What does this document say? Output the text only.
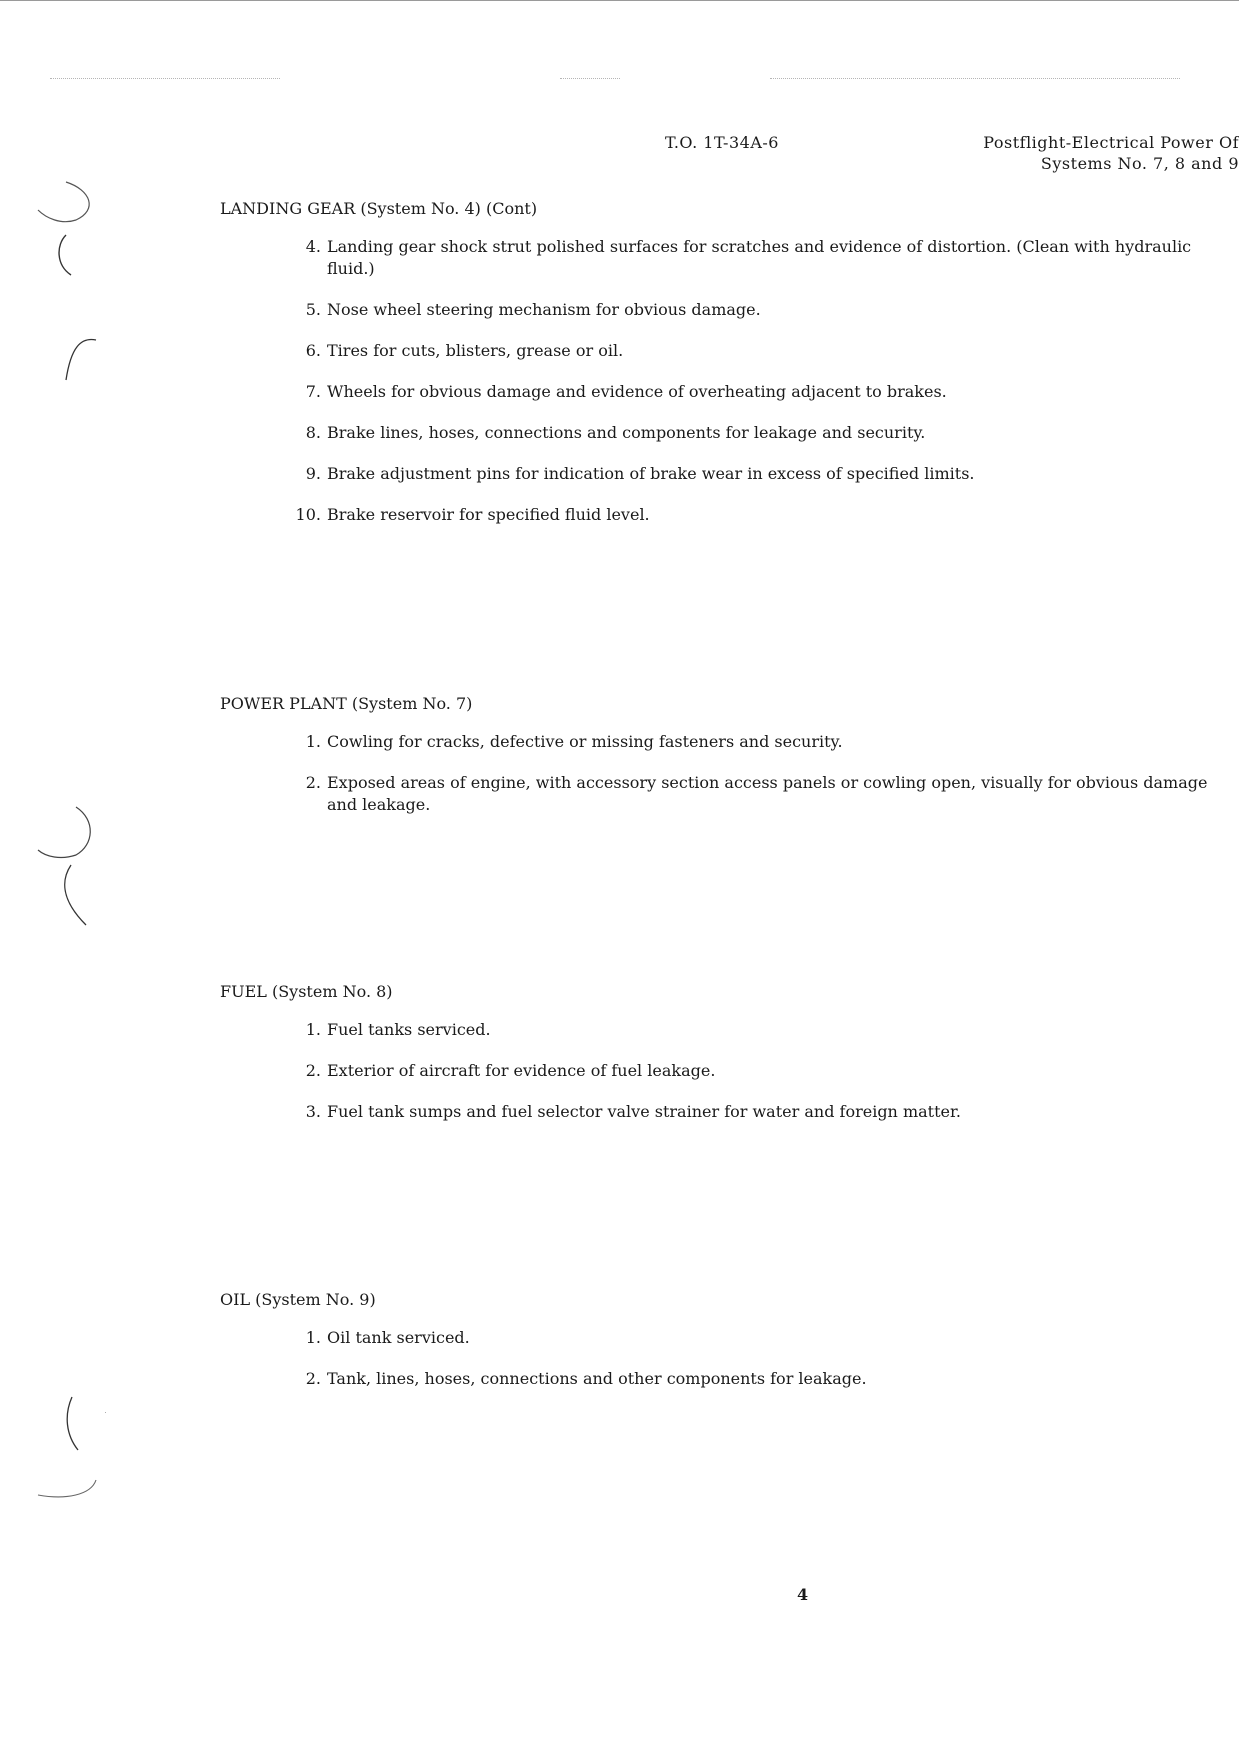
T.O. 1T-34A-6	Postflight-Electrical Power Of
Systems No. 7, 8 and 9
LANDING GEAR (System No. 4) (Cont)
4. Landing gear shock strut polished surfaces for scratches and evidence of distortion. (Clean with hydraulic fluid.)
5. Nose wheel steering mechanism for obvious damage.
6. Tires for cuts, blisters, grease or oil.
7. Wheels for obvious damage and evidence of overheating adjacent to brakes.
8. Brake lines, hoses, connections and components for leakage and security.
9. Brake adjustment pins for indication of brake wear in excess of specified limits.
10. Brake reservoir for specified fluid level.
POWER PLANT (System No. 7)
1. Cowling for cracks, defective or missing fasteners and security.
2. Exposed areas of engine, with accessory section access panels or cowling open, visually for obvious damage and leakage.
FUEL (System No. 8)
1. Fuel tanks serviced.
2. Exterior of aircraft for evidence of fuel leakage.
3. Fuel tank sumps and fuel selector valve strainer for water and foreign matter.
OIL (System No. 9)
1. Oil tank serviced.
2. Tank, lines, hoses, connections and other components for leakage.
4
